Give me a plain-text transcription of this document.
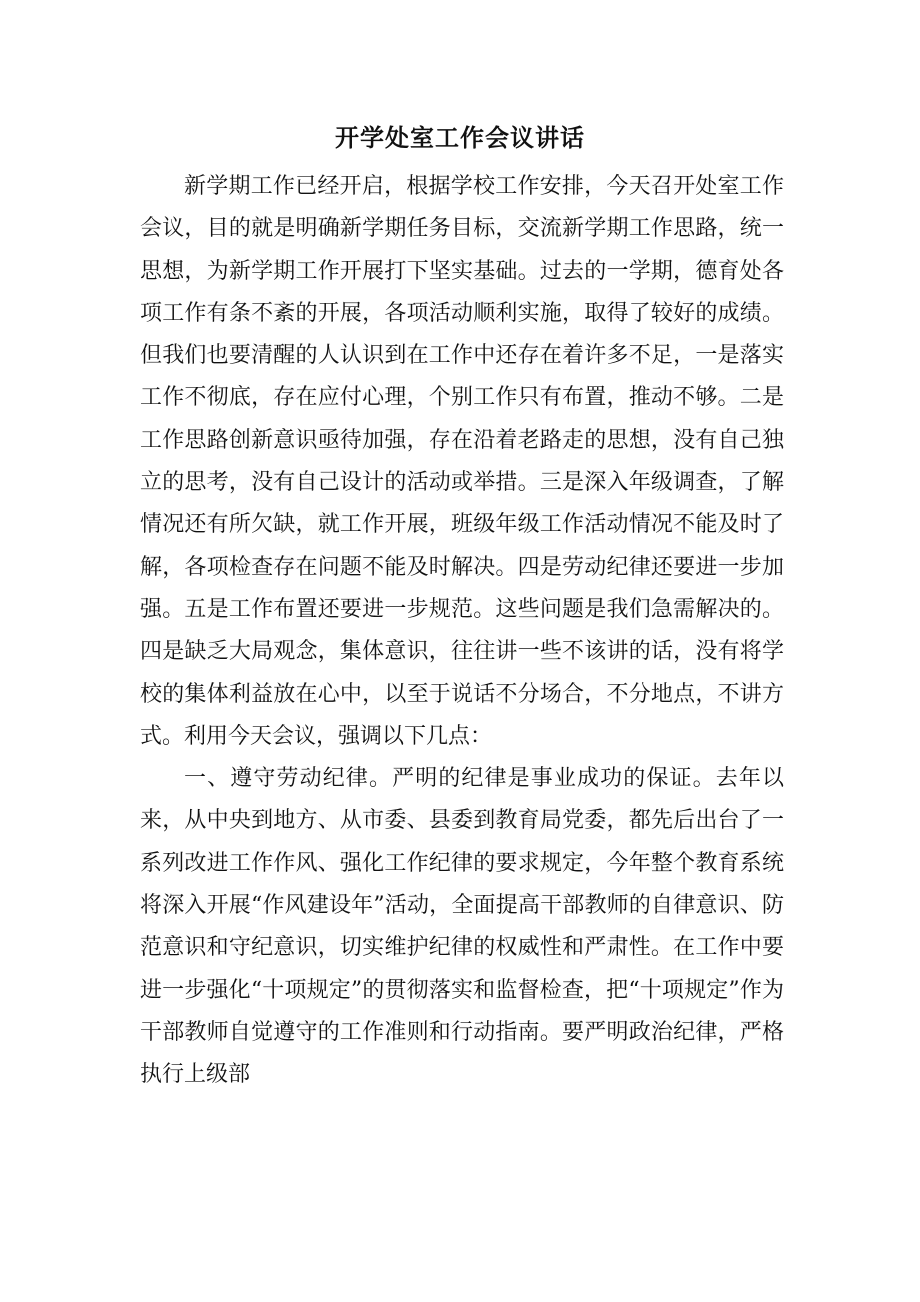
开学处室工作会议讲话

新学期工作已经开启，根据学校工作安排，今天召开处室工作会议，目的就是明确新学期任务目标，交流新学期工作思路，统一思想，为新学期工作开展打下坚实基础。过去的一学期，德育处各项工作有条不紊的开展，各项活动顺利实施，取得了较好的成绩。但我们也要清醒的人认识到在工作中还存在着许多不足，一是落实工作不彻底，存在应付心理，个别工作只有布置，推动不够。二是工作思路创新意识亟待加强，存在沿着老路走的思想，没有自己独立的思考，没有自己设计的活动或举措。三是深入年级调查，了解情况还有所欠缺，就工作开展，班级年级工作活动情况不能及时了解，各项检查存在问题不能及时解决。四是劳动纪律还要进一步加强。五是工作布置还要进一步规范。这些问题是我们急需解决的。四是缺乏大局观念，集体意识，往往讲一些不该讲的话，没有将学校的集体利益放在心中，以至于说话不分场合，不分地点，不讲方式。利用今天会议，强调以下几点：

一、遵守劳动纪律。严明的纪律是事业成功的保证。去年以来，从中央到地方、从市委、县委到教育局党委，都先后出台了一系列改进工作作风、强化工作纪律的要求规定，今年整个教育系统将深入开展“作风建设年”活动，全面提高干部教师的自律意识、防范意识和守纪意识，切实维护纪律的权威性和严肃性。在工作中要进一步强化“十项规定”的贯彻落实和监督检查，把“十项规定”作为干部教师自觉遵守的工作准则和行动指南。要严明政治纪律，严格执行上级部
